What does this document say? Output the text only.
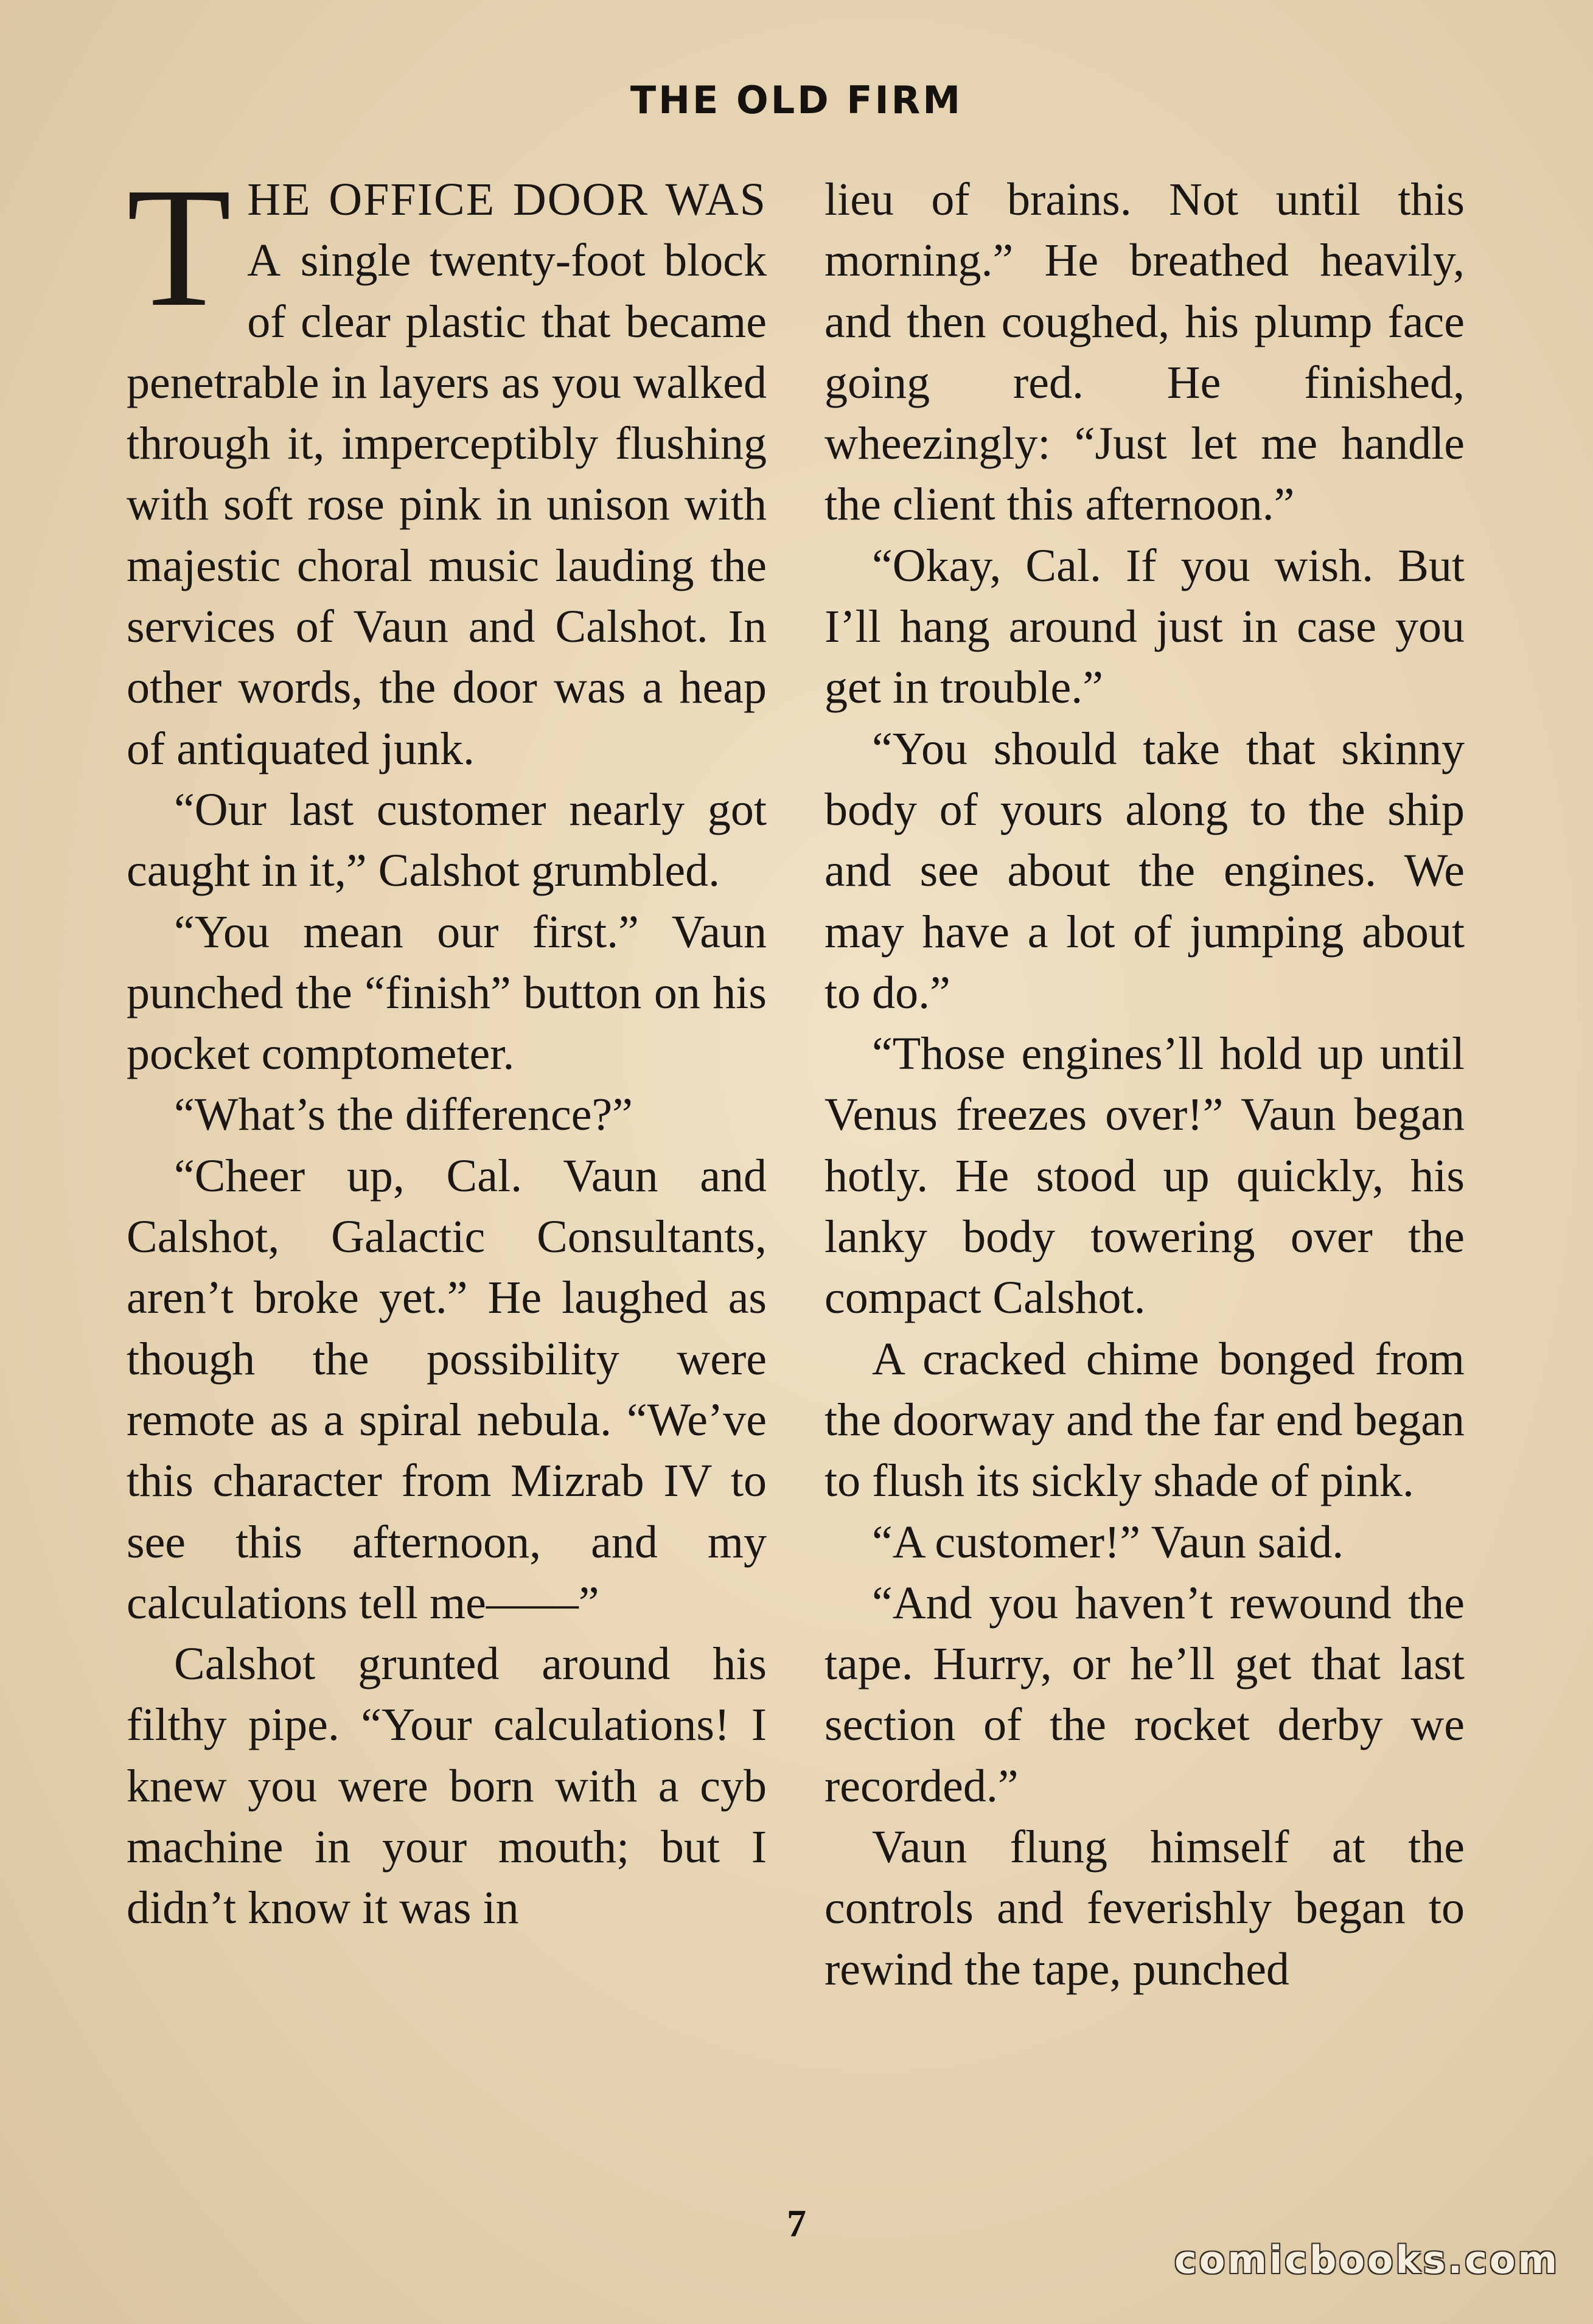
THE OLD FIRM

THE OFFICE DOOR WAS A single twenty-foot block of clear plastic that became penetrable in layers as you walked through it, imperceptibly flushing with soft rose pink in unison with majestic choral music lauding the services of Vaun and Calshot. In other words, the door was a heap of antiquated junk.

“Our last customer nearly got caught in it,” Calshot grumbled.

“You mean our first.” Vaun punched the “finish” button on his pocket comptometer.

“What’s the difference?”

“Cheer up, Cal. Vaun and Calshot, Galactic Consultants, aren’t broke yet.” He laughed as though the possibility were remote as a spiral nebula. “We’ve this character from Mizrab IV to see this afternoon, and my calculations tell me——”

Calshot grunted around his filthy pipe. “Your calculations! I knew you were born with a cyb machine in your mouth; but I didn’t know it was in

lieu of brains. Not until this morning.” He breathed heavily, and then coughed, his plump face going red. He finished, wheezingly: “Just let me handle the client this afternoon.”

“Okay, Cal. If you wish. But I’ll hang around just in case you get in trouble.”

“You should take that skinny body of yours along to the ship and see about the engines. We may have a lot of jumping about to do.”

“Those engines’ll hold up until Venus freezes over!” Vaun began hotly. He stood up quickly, his lanky body towering over the compact Calshot.

A cracked chime bonged from the doorway and the far end began to flush its sickly shade of pink.

“A customer!” Vaun said.

“And you haven’t rewound the tape. Hurry, or he’ll get that last section of the rocket derby we recorded.”

Vaun flung himself at the controls and feverishly began to rewind the tape, punched

7
comicbooks.com
